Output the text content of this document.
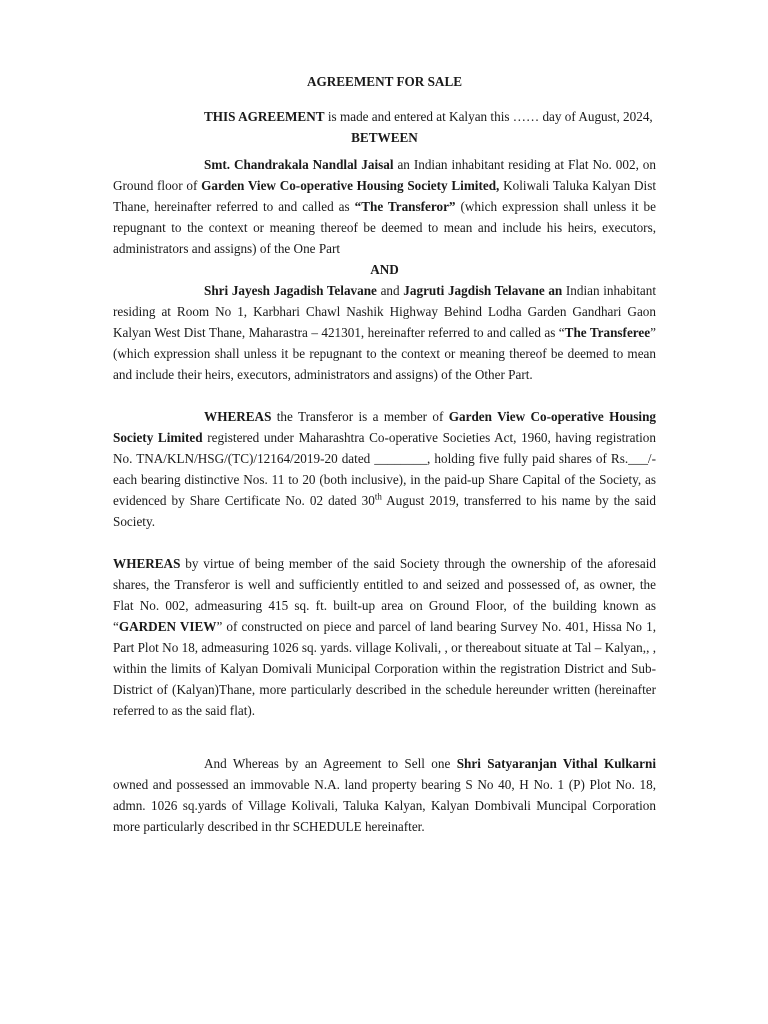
AGREEMENT FOR SALE

THIS AGREEMENT is made and entered at Kalyan this …… day of August, 2024,

BETWEEN

Smt. Chandrakala Nandlal Jaisal an Indian inhabitant residing at Flat No. 002, on Ground floor of Garden View Co-operative Housing Society Limited, Koliwali Taluka Kalyan Dist Thane, hereinafter referred to and called as “The Transferor” (which expression shall unless it be repugnant to the context or meaning thereof be deemed to mean and include his heirs, executors, administrators and assigns) of the One Part

AND

Shri Jayesh Jagadish Telavane and Jagruti Jagdish Telavane an Indian inhabitant residing at Room No 1, Karbhari Chawl Nashik Highway Behind Lodha Garden Gandhari Gaon Kalyan West Dist Thane, Maharastra – 421301, hereinafter referred to and called as “The Transferee” (which expression shall unless it be repugnant to the context or meaning thereof be deemed to mean and include their heirs, executors, administrators and assigns) of the Other Part.

WHEREAS the Transferor is a member of Garden View Co-operative Housing Society Limited registered under Maharashtra Co-operative Societies Act, 1960, having registration No. TNA/KLN/HSG/(TC)/12164/2019-20 dated ________, holding five fully paid shares of Rs.___/- each bearing distinctive Nos. 11 to 20 (both inclusive), in the paid-up Share Capital of the Society, as evidenced by Share Certificate No. 02 dated 30th August 2019, transferred to his name by the said Society.

WHEREAS by virtue of being member of the said Society through the ownership of the aforesaid shares, the Transferor is well and sufficiently entitled to and seized and possessed of, as owner, the Flat No. 002, admeasuring 415 sq. ft. built-up area on Ground Floor, of the building known as “GARDEN VIEW” of constructed on piece and parcel of land bearing Survey No. 401, Hissa No 1, Part Plot No 18, admeasuring 1026 sq. yards. village Kolivali, , or thereabout situate at Tal – Kalyan,, , within the limits of Kalyan Domivali Municipal Corporation within the registration District and Sub-District of (Kalyan)Thane, more particularly described in the schedule hereunder written (hereinafter referred to as the said flat).

And Whereas by an Agreement to Sell one Shri Satyaranjan Vithal Kulkarni owned and possessed an immovable N.A. land property bearing S No 40, H No. 1 (P) Plot No. 18, admn. 1026 sq.yards of Village Kolivali, Taluka Kalyan, Kalyan Dombivali Muncipal Corporation more particularly described in thr SCHEDULE hereinafter.
